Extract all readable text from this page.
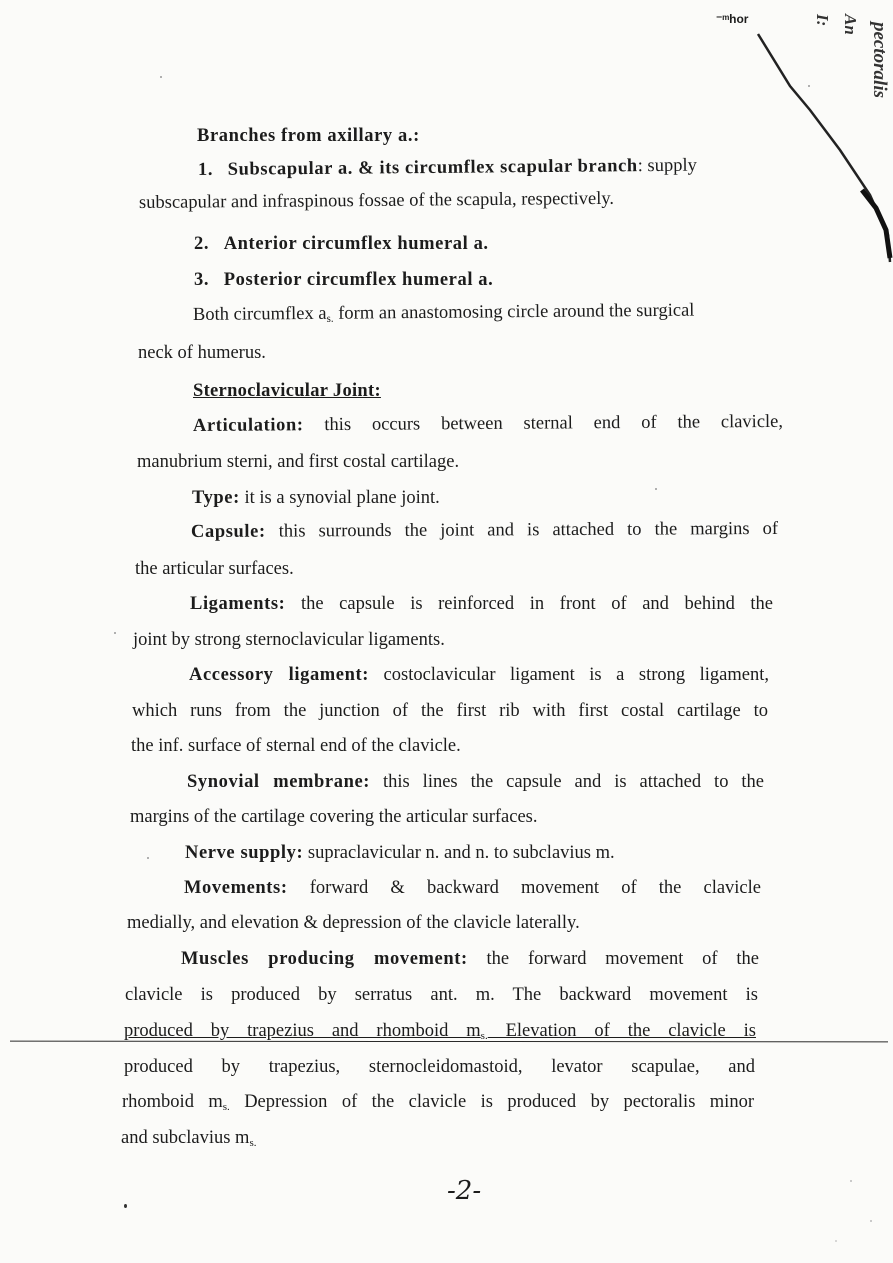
⁻ᵐhor	I: An pectoralis
Branches from axillary a.:
1. Subscapular a. & its circumflex scapular branch: supply
subscapular and infraspinous fossae of the scapula, respectively.
2. Anterior circumflex humeral a.
3. Posterior circumflex humeral a.
Both circumflex $a_{s.}$ form an anastomosing circle around the surgical
neck of humerus.
Sternoclavicular Joint:
Articulation: this occurs between sternal end of the clavicle,
manubrium sterni, and first costal cartilage.
Type: it is a synovial plane joint.
Capsule: this surrounds the joint and is attached to the margins of
the articular surfaces.
Ligaments: the capsule is reinforced in front of and behind the
joint by strong sternoclavicular ligaments.
Accessory ligament: costoclavicular ligament is a strong ligament,
which runs from the junction of the first rib with first costal cartilage to
the inf. surface of sternal end of the clavicle.
Synovial membrane: this lines the capsule and is attached to the
margins of the cartilage covering the articular surfaces.
Nerve supply: supraclavicular n. and n. to subclavius m.
Movements: forward & backward movement of the clavicle
medially, and elevation & depression of the clavicle laterally.
Muscles producing movement: the forward movement of the
clavicle is produced by serratus ant. m. The backward movement is
produced by trapezius and rhomboid $m_{s.}$ Elevation of the clavicle is
produced by trapezius, sternocleidomastoid, levator scapulae, and
rhomboid $m_{s.}$ Depression of the clavicle is produced by pectoralis minor
and subclavius $m_{s.}$
-2-
